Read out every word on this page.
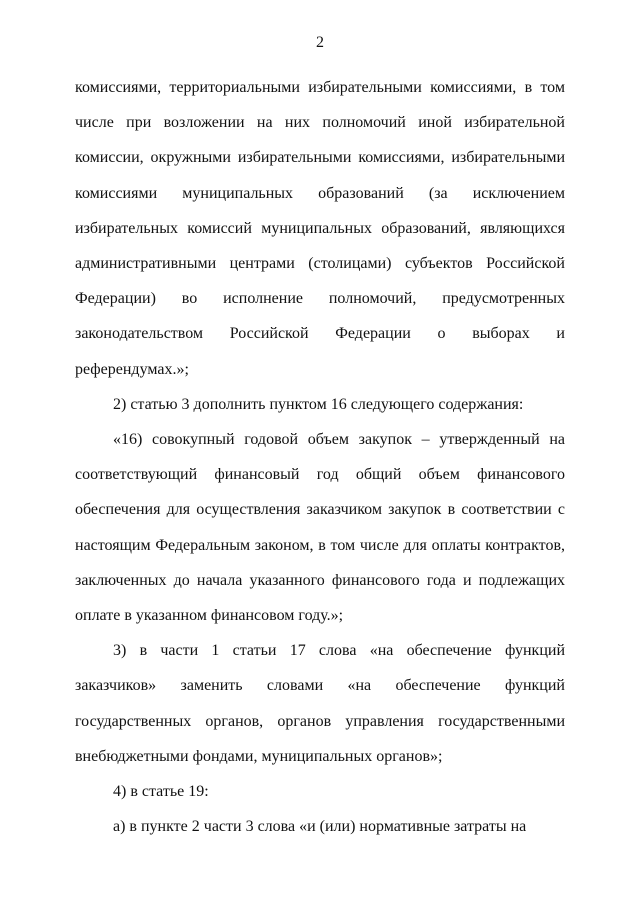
2

комиссиями, территориальными избирательными комиссиями, в том числе при возложении на них полномочий иной избирательной комиссии, окружными избирательными комиссиями, избирательными комиссиями муниципальных образований (за исключением избирательных комиссий муниципальных образований, являющихся административными центрами (столицами) субъектов Российской Федерации) во исполнение полномочий, предусмотренных законодательством Российской Федерации о выборах и референдумах.»;

2) статью 3 дополнить пунктом 16 следующего содержания:

«16) совокупный годовой объем закупок – утвержденный на соответствующий финансовый год общий объем финансового обеспечения для осуществления заказчиком закупок в соответствии с настоящим Федеральным законом, в том числе для оплаты контрактов, заключенных до начала указанного финансового года и подлежащих оплате в указанном финансовом году.»;

3) в части 1 статьи 17 слова «на обеспечение функций заказчиков» заменить словами «на обеспечение функций государственных органов, органов управления государственными внебюджетными фондами, муниципальных органов»;

4) в статье 19:

а) в пункте 2 части 3 слова «и (или) нормативные затраты на
